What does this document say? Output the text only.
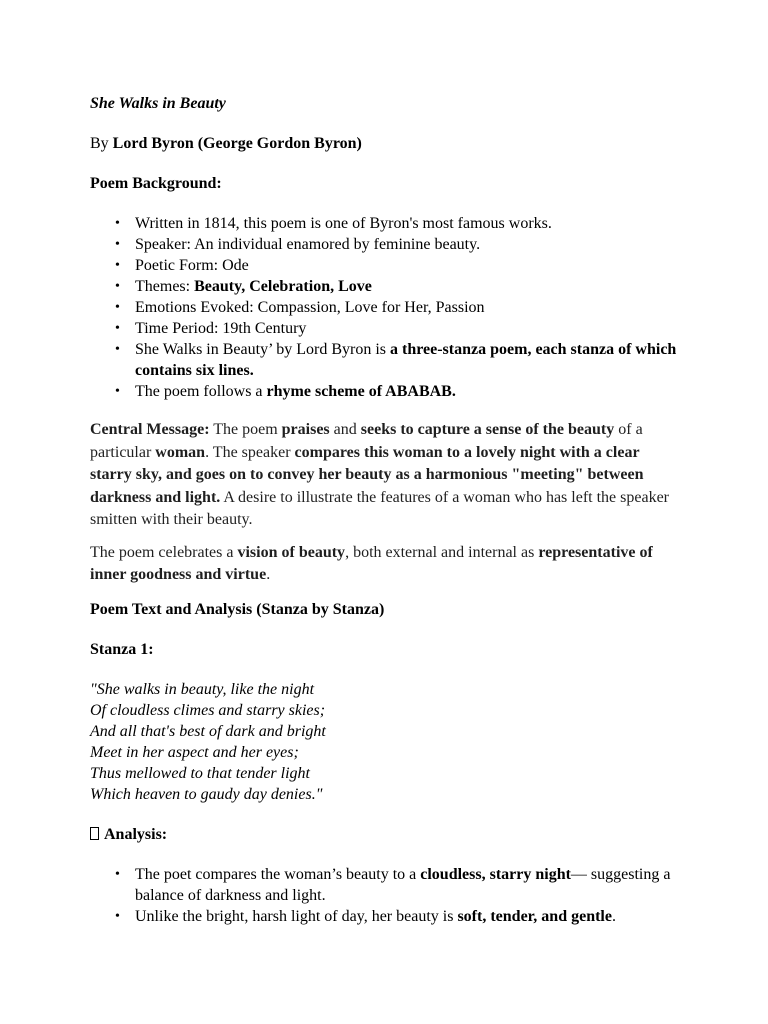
She Walks in Beauty

By Lord Byron (George Gordon Byron)

Poem Background:

• Written in 1814, this poem is one of Byron's most famous works.
• Speaker: An individual enamored by feminine beauty.
• Poetic Form: Ode
• Themes: Beauty, Celebration, Love
• Emotions Evoked: Compassion, Love for Her, Passion
• Time Period: 19th Century
• She Walks in Beauty’ by Lord Byron is a three-stanza poem, each stanza of which contains six lines.
• The poem follows a rhyme scheme of ABABAB.

Central Message: The poem praises and seeks to capture a sense of the beauty of a particular woman. The speaker compares this woman to a lovely night with a clear starry sky, and goes on to convey her beauty as a harmonious "meeting" between darkness and light. A desire to illustrate the features of a woman who has left the speaker smitten with their beauty.

The poem celebrates a vision of beauty, both external and internal as representative of inner goodness and virtue.

Poem Text and Analysis (Stanza by Stanza)

Stanza 1:

"She walks in beauty, like the night
Of cloudless climes and starry skies;
And all that's best of dark and bright
Meet in her aspect and her eyes;
Thus mellowed to that tender light
Which heaven to gaudy day denies."

Analysis:

• The poet compares the woman’s beauty to a cloudless, starry night— suggesting a balance of darkness and light.
• Unlike the bright, harsh light of day, her beauty is soft, tender, and gentle.
